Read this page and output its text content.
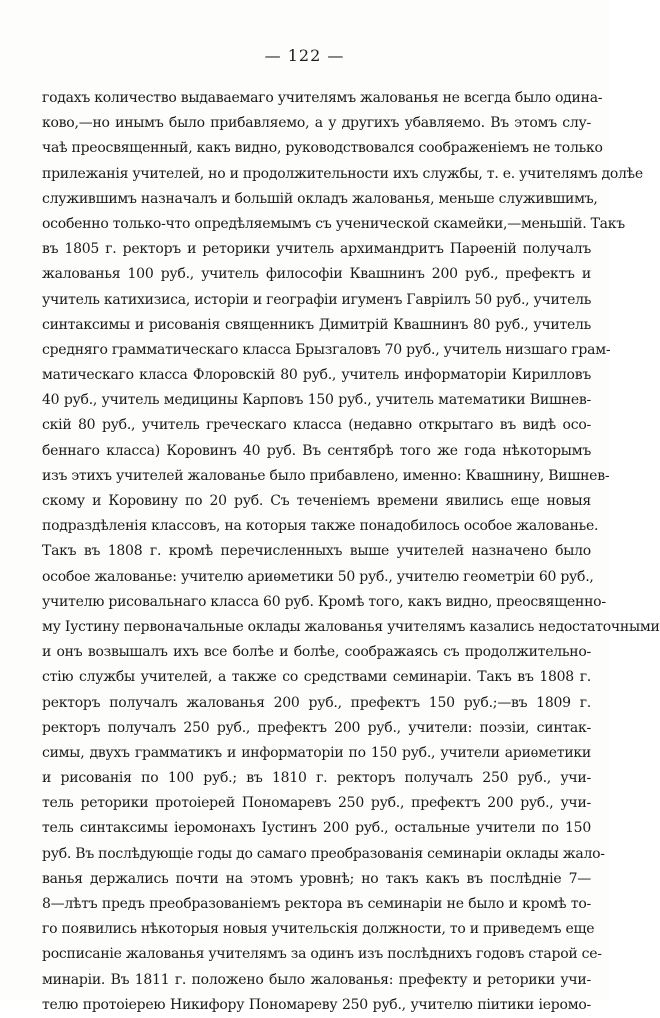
— 122 —
годахъ количество выдаваемаго учителямъ жалованья не всегда было одина-
ково,—но инымъ было прибавляемо, а у другихъ убавляемо. Въ этомъ слу-
чаѣ преосвященный, какъ видно, руководствовался соображеніемъ не только
прилежанія учителей, но и продолжительности ихъ службы, т. е. учителямъ долѣе
служившимъ назначалъ и большій окладъ жалованья, меньше служившимъ,
особенно только-что опредѣляемымъ съ ученической скамейки,—меньшій. Такъ
въ 1805 г. ректоръ и реторики учитель архимандритъ Парѳеній получалъ
жалованья 100 руб., учитель философіи Квашнинъ 200 руб., префектъ и
учитель катихизиса, исторіи и географіи игуменъ Гавріилъ 50 руб., учитель
синтаксимы и рисованія священникъ Димитрій Квашнинъ 80 руб., учитель
средняго грамматическаго класса Брызгаловъ 70 руб., учитель низшаго грам-
матическаго класса Флоровскій 80 руб., учитель информаторіи Кирилловъ
40 руб., учитель медицины Карповъ 150 руб., учитель математики Вишнев-
скій 80 руб., учитель греческаго класса (недавно открытаго въ видѣ осо-
беннаго класса) Коровинъ 40 руб. Въ сентябрѣ того же года нѣкоторымъ
изъ этихъ учителей жалованье было прибавлено, именно: Квашнину, Вишнев-
скому и Коровину по 20 руб. Съ теченіемъ времени явились еще новыя
подраздѣленія классовъ, на которыя также понадобилось особое жалованье.
Такъ въ 1808 г. кромѣ перечисленныхъ выше учителей назначено было
особое жалованье: учителю ариѳметики 50 руб., учителю геометріи 60 руб.,
учителю рисовальнаго класса 60 руб. Кромѣ того, какъ видно, преосвященно-
му Іустину первоначальные оклады жалованья учителямъ казались недостаточными
и онъ возвышалъ ихъ все болѣе и болѣе, соображаясь съ продолжительно-
стію службы учителей, а также со средствами семинаріи. Такъ въ 1808 г.
ректоръ получалъ жалованья 200 руб., префектъ 150 руб.;—въ 1809 г.
ректоръ получалъ 250 руб., префектъ 200 руб., учители: поэзіи, синтак-
симы, двухъ грамматикъ и информаторіи по 150 руб., учители ариѳметики
и рисованія по 100 руб.; въ 1810 г. ректоръ получалъ 250 руб., учи-
тель реторики протоіерей Пономаревъ 250 руб., префектъ 200 руб., учи-
тель синтаксимы іеромонахъ Іустинъ 200 руб., остальные учители по 150
руб. Въ послѣдующіе годы до самаго преобразованія семинаріи оклады жало-
ванья держались почти на этомъ уровнѣ; но такъ какъ въ послѣдніе 7—
8—лѣтъ предъ преобразованіемъ ректора въ семинаріи не было и кромѣ то-
го появились нѣкоторыя новыя учительскія должности, то и приведемъ еще
росписаніе жалованья учителямъ за одинъ изъ послѣднихъ годовъ старой се-
минаріи. Въ 1811 г. положено было жалованья: префекту и реторики учи-
телю протоіерею Никифору Пономареву 250 руб., учителю піитики іеромо-
